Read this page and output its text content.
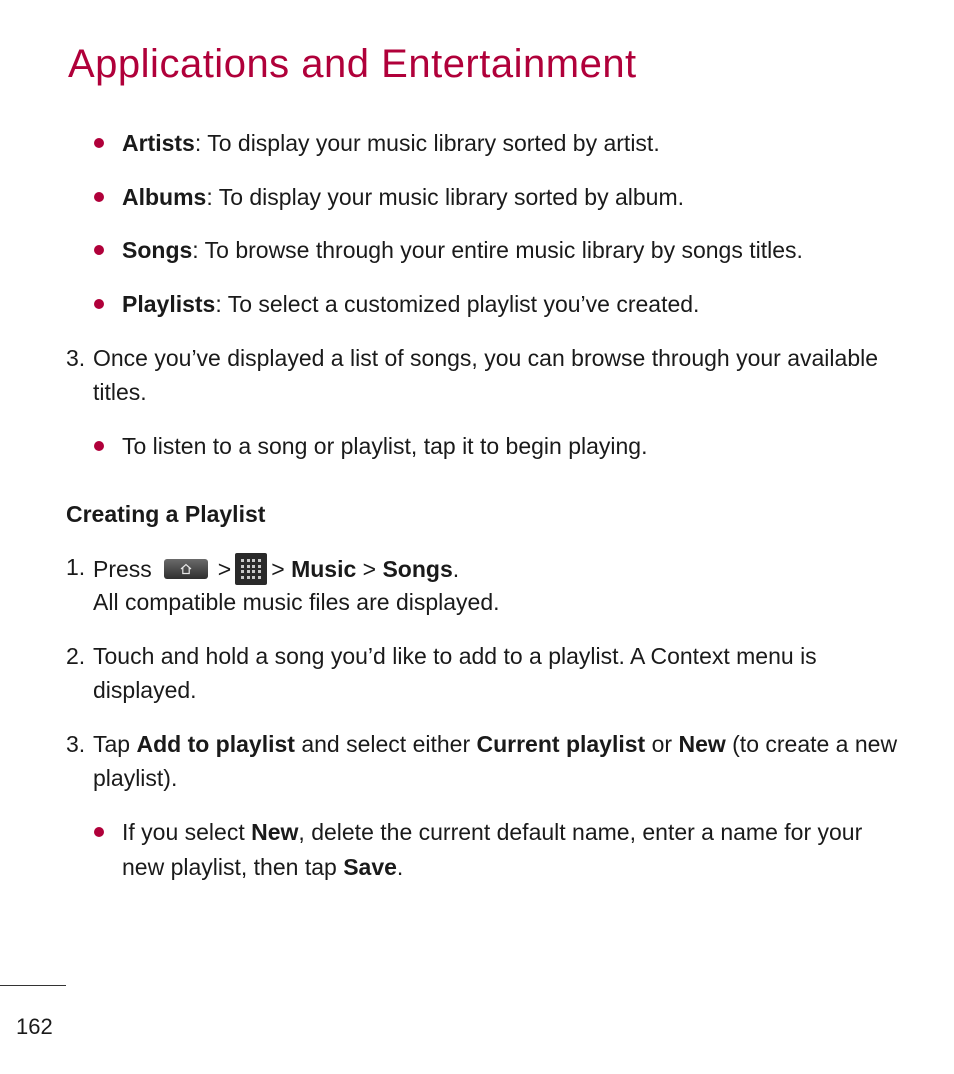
Applications and Entertainment
Artists: To display your music library sorted by artist.
Albums: To display your music library sorted by album.
Songs: To browse through your entire music library by songs titles.
Playlists: To select a customized playlist you’ve created.
3. Once you’ve displayed a list of songs, you can browse through your available
titles.
To listen to a song or playlist, tap it to begin playing.
Creating a Playlist
1. Press	> > Music > Songs.
All compatible music files are displayed.
2. Touch and hold a song you’d like to add to a playlist. A Context menu is
displayed.
3. Tap Add to playlist and select either Current playlist or New (to create a new
playlist).
If you select New, delete the current default name, enter a name for your
new playlist, then tap Save.
162
